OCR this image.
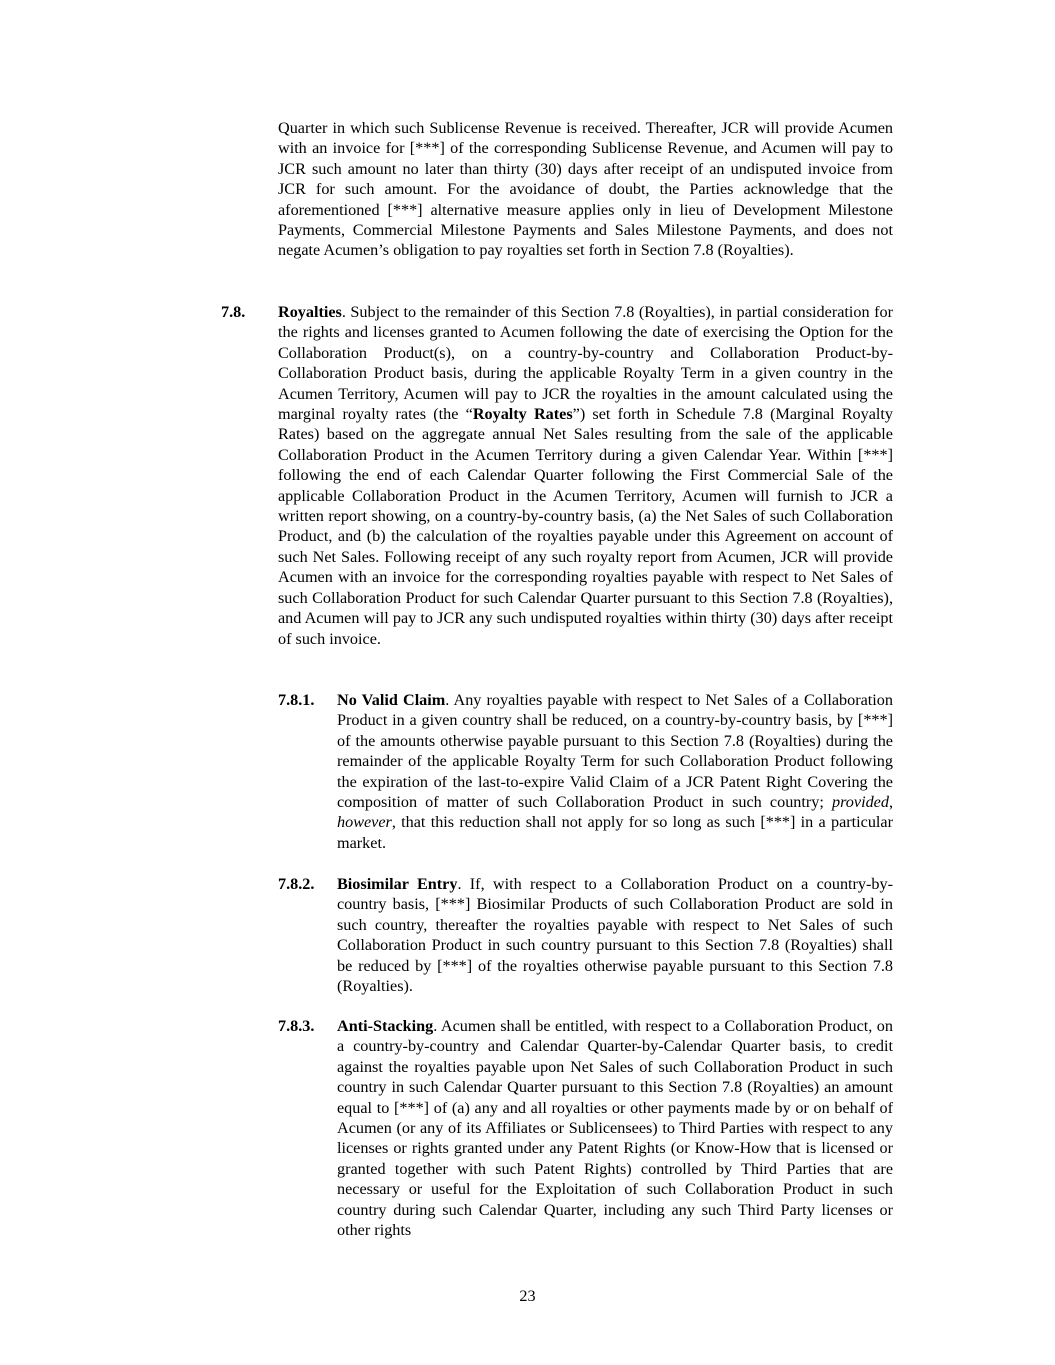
Quarter in which such Sublicense Revenue is received. Thereafter, JCR will provide Acumen with an invoice for [***] of the corresponding Sublicense Revenue, and Acumen will pay to JCR such amount no later than thirty (30) days after receipt of an undisputed invoice from JCR for such amount. For the avoidance of doubt, the Parties acknowledge that the aforementioned [***] alternative measure applies only in lieu of Development Milestone Payments, Commercial Milestone Payments and Sales Milestone Payments, and does not negate Acumen’s obligation to pay royalties set forth in Section 7.8 (Royalties).

7.8. Royalties. Subject to the remainder of this Section 7.8 (Royalties), in partial consideration for the rights and licenses granted to Acumen following the date of exercising the Option for the Collaboration Product(s), on a country-by-country and Collaboration Product-by-Collaboration Product basis, during the applicable Royalty Term in a given country in the Acumen Territory, Acumen will pay to JCR the royalties in the amount calculated using the marginal royalty rates (the “Royalty Rates”) set forth in Schedule 7.8 (Marginal Royalty Rates) based on the aggregate annual Net Sales resulting from the sale of the applicable Collaboration Product in the Acumen Territory during a given Calendar Year. Within [***] following the end of each Calendar Quarter following the First Commercial Sale of the applicable Collaboration Product in the Acumen Territory, Acumen will furnish to JCR a written report showing, on a country-by-country basis, (a) the Net Sales of such Collaboration Product, and (b) the calculation of the royalties payable under this Agreement on account of such Net Sales. Following receipt of any such royalty report from Acumen, JCR will provide Acumen with an invoice for the corresponding royalties payable with respect to Net Sales of such Collaboration Product for such Calendar Quarter pursuant to this Section 7.8 (Royalties), and Acumen will pay to JCR any such undisputed royalties within thirty (30) days after receipt of such invoice.

7.8.1. No Valid Claim. Any royalties payable with respect to Net Sales of a Collaboration Product in a given country shall be reduced, on a country-by-country basis, by [***] of the amounts otherwise payable pursuant to this Section 7.8 (Royalties) during the remainder of the applicable Royalty Term for such Collaboration Product following the expiration of the last-to-expire Valid Claim of a JCR Patent Right Covering the composition of matter of such Collaboration Product in such country; provided, however, that this reduction shall not apply for so long as such [***] in a particular market.

7.8.2. Biosimilar Entry. If, with respect to a Collaboration Product on a country-by-country basis, [***] Biosimilar Products of such Collaboration Product are sold in such country, thereafter the royalties payable with respect to Net Sales of such Collaboration Product in such country pursuant to this Section 7.8 (Royalties) shall be reduced by [***] of the royalties otherwise payable pursuant to this Section 7.8 (Royalties).

7.8.3. Anti-Stacking. Acumen shall be entitled, with respect to a Collaboration Product, on a country-by-country and Calendar Quarter-by-Calendar Quarter basis, to credit against the royalties payable upon Net Sales of such Collaboration Product in such country in such Calendar Quarter pursuant to this Section 7.8 (Royalties) an amount equal to [***] of (a) any and all royalties or other payments made by or on behalf of Acumen (or any of its Affiliates or Sublicensees) to Third Parties with respect to any licenses or rights granted under any Patent Rights (or Know-How that is licensed or granted together with such Patent Rights) controlled by Third Parties that are necessary or useful for the Exploitation of such Collaboration Product in such country during such Calendar Quarter, including any such Third Party licenses or other rights

23
